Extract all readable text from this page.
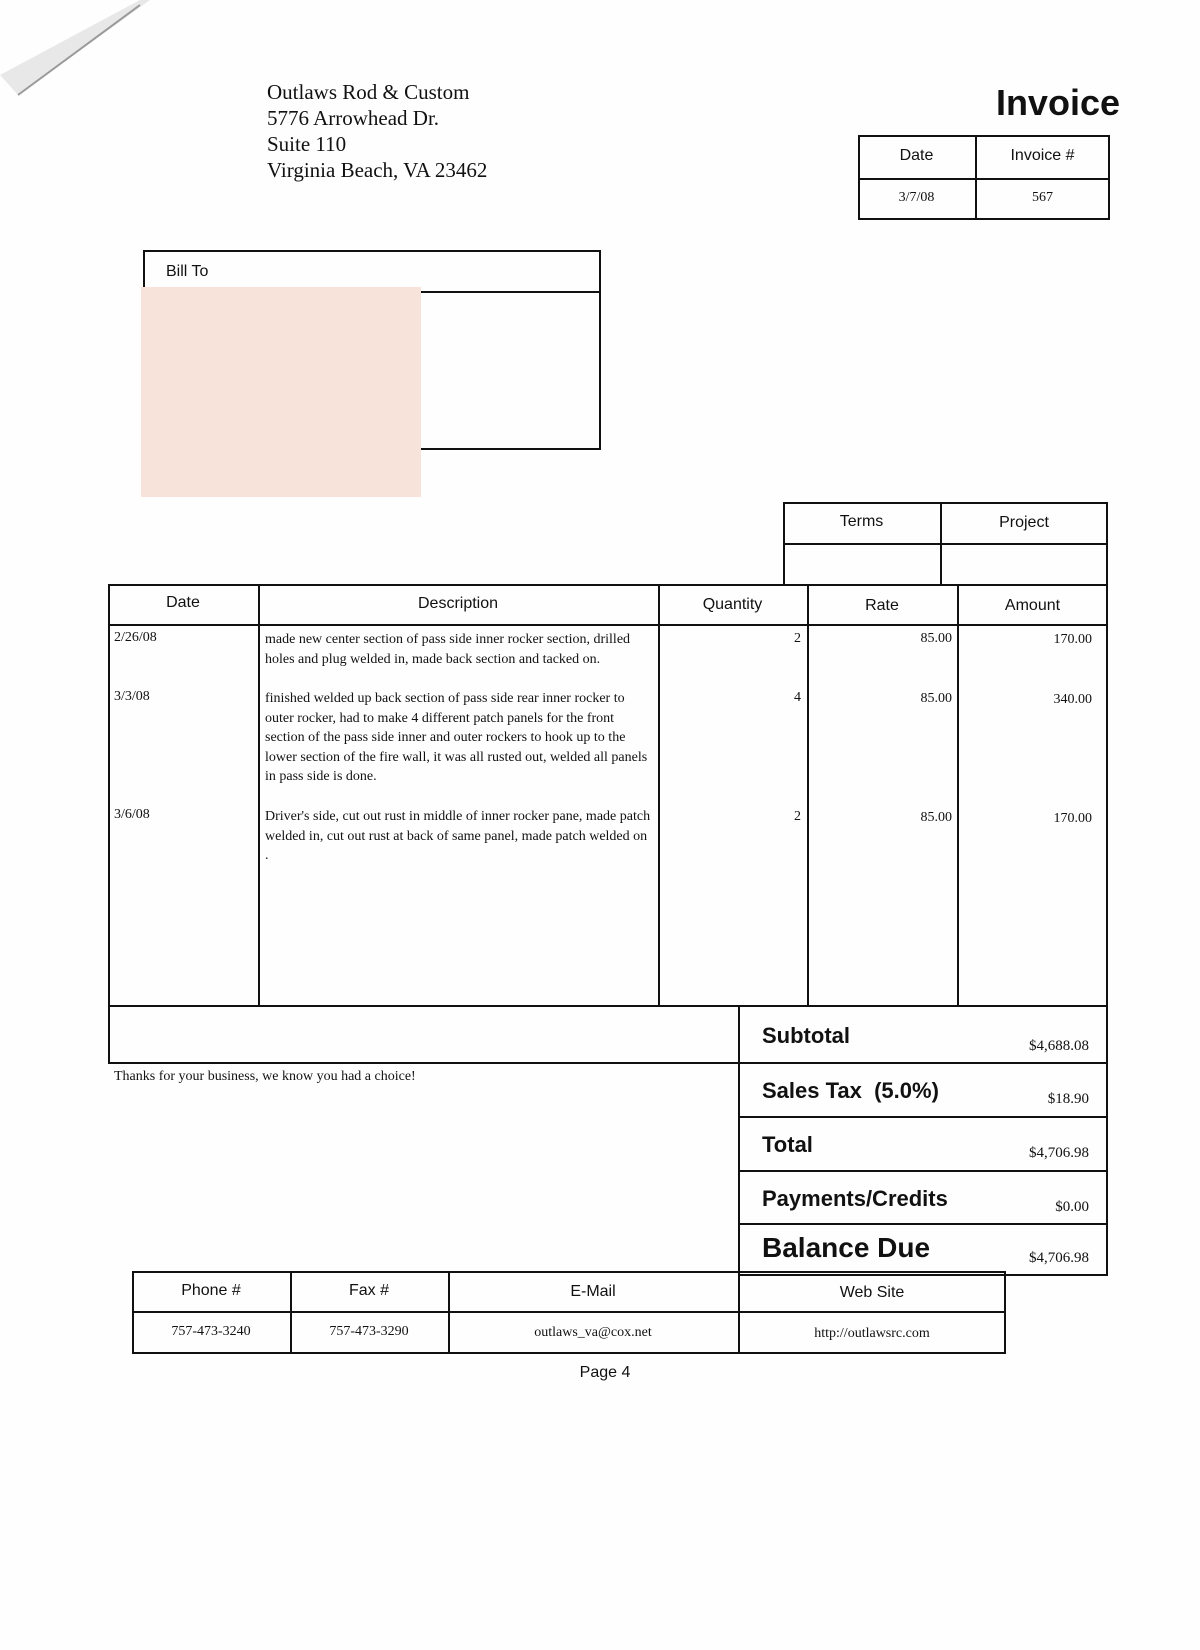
Outlaws Rod & Custom
5776 Arrowhead Dr.
Suite 110
Virginia Beach, VA 23462
Invoice
Date	Invoice #
3/7/08	567
Bill To
Terms	Project
Date	Description	Quantity	Rate	Amount
2/26/08	made new center section of pass side inner rocker section, drilled holes and plug welded in, made back section and tacked on.
2	85.00	170.00
3/3/08	finished welded up back section of pass side rear inner rocker to outer rocker, had to make 4 different patch panels for the front section of the pass side inner and outer rockers to hook up to the lower section of the fire wall, it was all rusted out, welded all panels in pass side is done.
4	85.00	340.00
3/6/08	Driver's side, cut out rust in middle of inner rocker pane, made patch welded in, cut out rust at back of same panel, made patch welded on .
2	85.00	170.00
Thanks for your business, we know you had a choice!
Subtotal	$4,688.08
Sales Tax  (5.0%)	$18.90
Total	$4,706.98
Payments/Credits	$0.00
Balance Due	$4,706.98
Phone #	Fax #	E-Mail	Web Site
757-473-3240	757-473-3290	outlaws_va@cox.net	http://outlawsrc.com
Page 4
